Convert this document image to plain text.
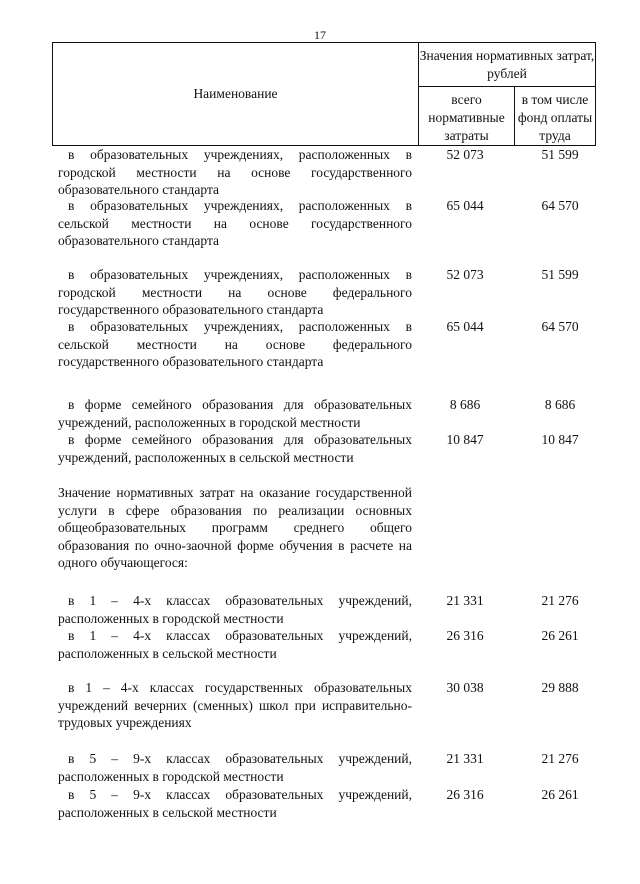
17
Наименование
Значения нормативных затрат, рублей
всего нормативные затраты
в том числе фонд оплаты труда
в образовательных учреждениях, расположенных в городской местности на основе государственного образовательного стандарта
52 073	51 599
в образовательных учреждениях, расположенных в сельской местности на основе государственного образовательного стандарта
65 044	64 570
в образовательных учреждениях, расположенных в городской местности на основе федерального государственного образовательного стандарта
52 073	51 599
в образовательных учреждениях, расположенных в сельской местности на основе федерального государственного образовательного стандарта
65 044	64 570
в форме семейного образования для образовательных учреждений, расположенных в городской местности
8 686	8 686
в форме семейного образования для образовательных учреждений, расположенных в сельской местности
10 847	10 847
Значение нормативных затрат на оказание государственной услуги в сфере образования по реализации основных общеобразовательных программ среднего общего образования по очно-заочной форме обучения в расчете на одного обучающегося:
в 1 – 4-х классах образовательных учреждений, расположенных в городской местности
21 331	21 276
в 1 – 4-х классах образовательных учреждений, расположенных в сельской местности
26 316	26 261
в 1 – 4-х классах государственных образовательных учреждений вечерних (сменных) школ при исправительно-трудовых учреждениях
30 038	29 888
в 5 – 9-х классах образовательных учреждений, расположенных в городской местности
21 331	21 276
в 5 – 9-х классах образовательных учреждений, расположенных в сельской местности
26 316	26 261
